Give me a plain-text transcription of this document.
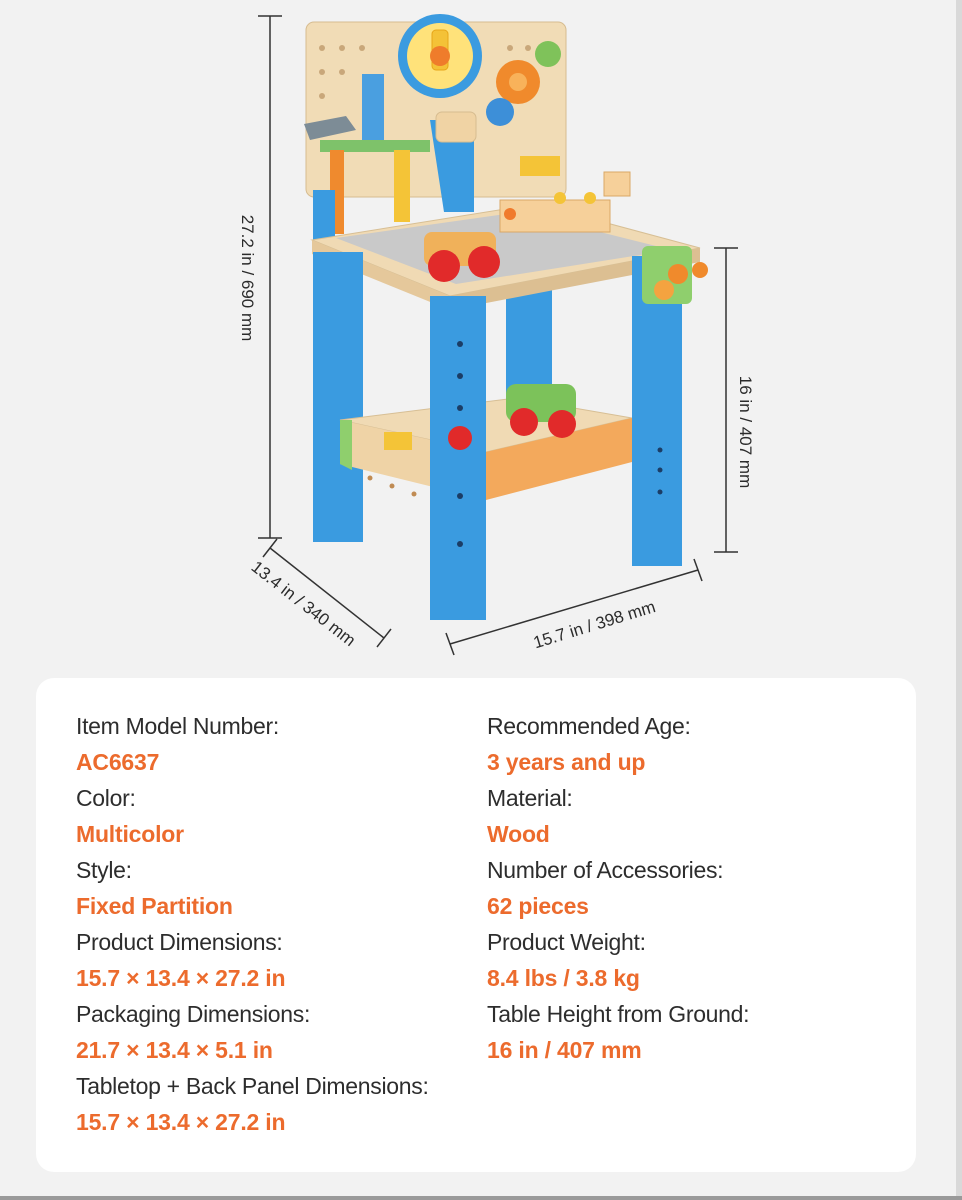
27.2 in / 690 mm
16 in / 407 mm
13.4 in / 340 mm	15.7 in / 398 mm
Item Model Number:
AC6637
Color:
Multicolor
Style:
Fixed Partition
Product Dimensions:
15.7 × 13.4 × 27.2 in
Packaging Dimensions:
21.7 × 13.4 × 5.1 in
Tabletop + Back Panel Dimensions:
15.7 × 13.4 × 27.2 in
Recommended Age:
3 years and up
Material:
Wood
Number of Accessories:
62 pieces
Product Weight:
8.4 lbs / 3.8 kg
Table Height from Ground:
16 in / 407 mm
